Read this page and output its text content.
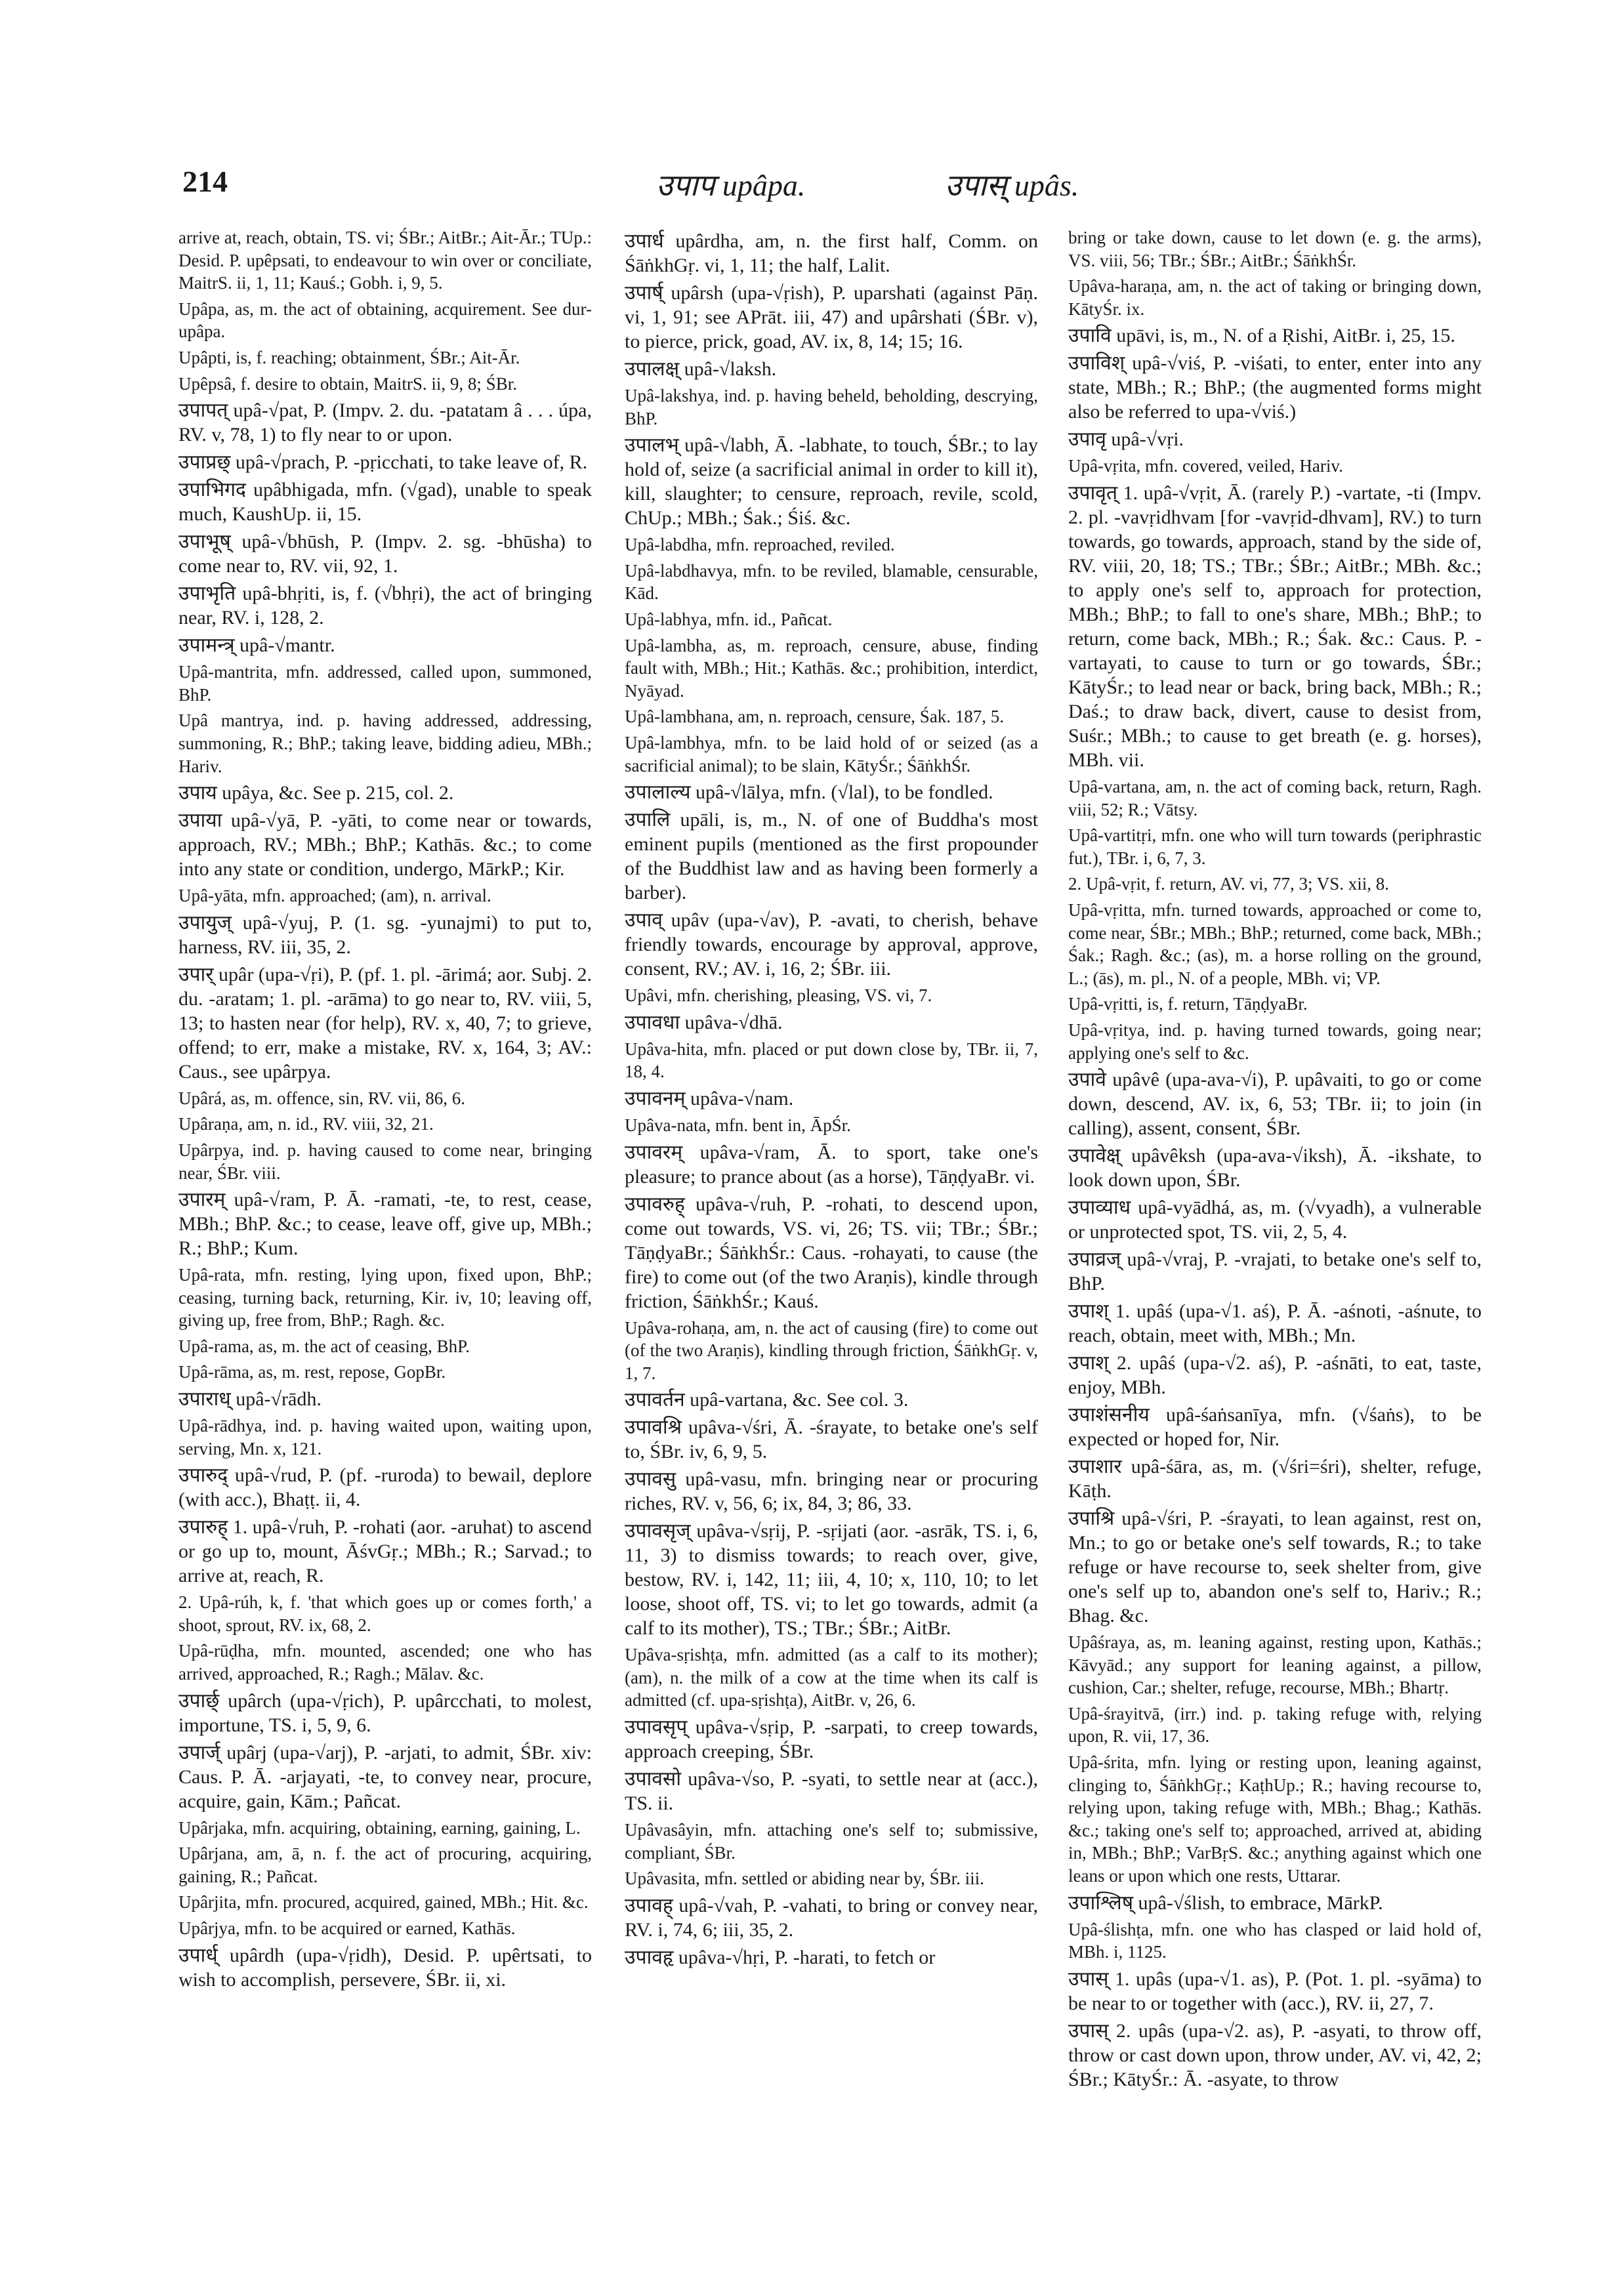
214	उपाप upâpa.	उपास् upâs.

arrive at, reach, obtain, TS. vi; ŚBr.; AitBr.; Ait-Ār.; TUp.: Desid. P. upêpsati, to endeavour to win over or conciliate, MaitrS. ii, 1, 11; Kauś.; Gobh. i, 9, 5.

Upâpa, as, m. the act of obtaining, acquirement. See dur-upâpa.

Upâpti, is, f. reaching; obtainment, ŚBr.; Ait-Ār.

Upêpsâ, f. desire to obtain, MaitrS. ii, 9, 8; ŚBr.

उपापत् upâ-√pat, P. (Impv. 2. du. -patatam â . . . úpa, RV. v, 78, 1) to fly near to or upon.

उपाप्रछ् upâ-√prach, P. -pṛicchati, to take leave of, R.

उपाभिगद upâbhigada, mfn. (√gad), unable to speak much, KaushUp. ii, 15.

उपाभूष् upâ-√bhūsh, P. (Impv. 2. sg. -bhūsha) to come near to, RV. vii, 92, 1.

उपाभृति upâ-bhṛiti, is, f. (√bhṛi), the act of bringing near, RV. i, 128, 2.

उपामन्त्र् upâ-√mantr.

Upâ-mantrita, mfn. addressed, called upon, summoned, BhP.

Upâ mantrya, ind. p. having addressed, addressing, summoning, R.; BhP.; taking leave, bidding adieu, MBh.; Hariv.

उपाय upâya, &c. See p. 215, col. 2.

उपाया upâ-√yā, P. -yāti, to come near or towards, approach, RV.; MBh.; BhP.; Kathās. &c.; to come into any state or condition, undergo, MārkP.; Kir.

Upâ-yāta, mfn. approached; (am), n. arrival.

उपायुज् upâ-√yuj, P. (1. sg. -yunajmi) to put to, harness, RV. iii, 35, 2.

उपार् upâr (upa-√ṛi), P. (pf. 1. pl. -ārimá; aor. Subj. 2. du. -aratam; 1. pl. -arāma) to go near to, RV. viii, 5, 13; to hasten near (for help), RV. x, 40, 7; to grieve, offend; to err, make a mistake, RV. x, 164, 3; AV.: Caus., see upârpya.

Upârá, as, m. offence, sin, RV. vii, 86, 6.

Upâraṇa, am, n. id., RV. viii, 32, 21.

Upârpya, ind. p. having caused to come near, bringing near, ŚBr. viii.

उपारम् upâ-√ram, P. Ā. -ramati, -te, to rest, cease, MBh.; BhP. &c.; to cease, leave off, give up, MBh.; R.; BhP.; Kum.

Upâ-rata, mfn. resting, lying upon, fixed upon, BhP.; ceasing, turning back, returning, Kir. iv, 10; leaving off, giving up, free from, BhP.; Ragh. &c.

Upâ-rama, as, m. the act of ceasing, BhP.

Upâ-rāma, as, m. rest, repose, GopBr.

उपाराध् upâ-√rādh.

Upâ-rādhya, ind. p. having waited upon, waiting upon, serving, Mn. x, 121.

उपारुद् upâ-√rud, P. (pf. -ruroda) to bewail, deplore (with acc.), Bhaṭṭ. ii, 4.

उपारुह् 1. upâ-√ruh, P. -rohati (aor. -aruhat) to ascend or go up to, mount, ĀśvGṛ.; MBh.; R.; Sarvad.; to arrive at, reach, R.

2. Upâ-rúh, k, f. 'that which goes up or comes forth,' a shoot, sprout, RV. ix, 68, 2.

Upâ-rūḍha, mfn. mounted, ascended; one who has arrived, approached, R.; Ragh.; Mālav. &c.

उपार्छ् upârch (upa-√ṛich), P. upârcchati, to molest, importune, TS. i, 5, 9, 6.

उपार्ज् upârj (upa-√arj), P. -arjati, to admit, ŚBr. xiv: Caus. P. Ā. -arjayati, -te, to convey near, procure, acquire, gain, Kām.; Pañcat.

Upârjaka, mfn. acquiring, obtaining, earning, gaining, L.

Upârjana, am, ā, n. f. the act of procuring, acquiring, gaining, R.; Pañcat.

Upârjita, mfn. procured, acquired, gained, MBh.; Hit. &c.

Upârjya, mfn. to be acquired or earned, Kathās.

उपार्ध् upârdh (upa-√ṛidh), Desid. P. upêrtsati, to wish to accomplish, persevere, ŚBr. ii, xi.

उपार्ध upârdha, am, n. the first half, Comm. on ŚāṅkhGṛ. vi, 1, 11; the half, Lalit.

उपार्ष् upârsh (upa-√ṛish), P. uparshati (against Pāṇ. vi, 1, 91; see APrāt. iii, 47) and upârshati (ŚBr. v), to pierce, prick, goad, AV. ix, 8, 14; 15; 16.

उपालक्ष् upâ-√laksh.

Upâ-lakshya, ind. p. having beheld, beholding, descrying, BhP.

उपालभ् upâ-√labh, Ā. -labhate, to touch, ŚBr.; to lay hold of, seize (a sacrificial animal in order to kill it), kill, slaughter; to censure, reproach, revile, scold, ChUp.; MBh.; Śak.; Śiś. &c.

Upâ-labdha, mfn. reproached, reviled.

Upâ-labdhavya, mfn. to be reviled, blamable, censurable, Kād.

Upâ-labhya, mfn. id., Pañcat.

Upâ-lambha, as, m. reproach, censure, abuse, finding fault with, MBh.; Hit.; Kathās. &c.; prohibition, interdict, Nyāyad.

Upâ-lambhana, am, n. reproach, censure, Śak. 187, 5.

Upâ-lambhya, mfn. to be laid hold of or seized (as a sacrificial animal); to be slain, KātyŚr.; ŚāṅkhŚr.

उपालाल्य upâ-√lālya, mfn. (√lal), to be fondled.

उपालि upāli, is, m., N. of one of Buddha's most eminent pupils (mentioned as the first propounder of the Buddhist law and as having been formerly a barber).

उपाव् upâv (upa-√av), P. -avati, to cherish, behave friendly towards, encourage by approval, approve, consent, RV.; AV. i, 16, 2; ŚBr. iii.

Upâvi, mfn. cherishing, pleasing, VS. vi, 7.

उपावधा upâva-√dhā.

Upâva-hita, mfn. placed or put down close by, TBr. ii, 7, 18, 4.

उपावनम् upâva-√nam.

Upâva-nata, mfn. bent in, ĀpŚr.

उपावरम् upâva-√ram, Ā. to sport, take one's pleasure; to prance about (as a horse), TāṇḍyaBr. vi.

उपावरुह् upâva-√ruh, P. -rohati, to descend upon, come out towards, VS. vi, 26; TS. vii; TBr.; ŚBr.; TāṇḍyaBr.; ŚāṅkhŚr.: Caus. -rohayati, to cause (the fire) to come out (of the two Araṇis), kindle through friction, ŚāṅkhŚr.; Kauś.

Upâva-rohaṇa, am, n. the act of causing (fire) to come out (of the two Araṇis), kindling through friction, ŚāṅkhGṛ. v, 1, 7.

उपावर्तन upâ-vartana, &c. See col. 3.

उपावश्रि upâva-√śri, Ā. -śrayate, to betake one's self to, ŚBr. iv, 6, 9, 5.

उपावसु upâ-vasu, mfn. bringing near or procuring riches, RV. v, 56, 6; ix, 84, 3; 86, 33.

उपावसृज् upâva-√sṛij, P. -sṛijati (aor. -asrāk, TS. i, 6, 11, 3) to dismiss towards; to reach over, give, bestow, RV. i, 142, 11; iii, 4, 10; x, 110, 10; to let loose, shoot off, TS. vi; to let go towards, admit (a calf to its mother), TS.; TBr.; ŚBr.; AitBr.

Upâva-sṛishṭa, mfn. admitted (as a calf to its mother); (am), n. the milk of a cow at the time when its calf is admitted (cf. upa-sṛishṭa), AitBr. v, 26, 6.

उपावसृप् upâva-√sṛip, P. -sarpati, to creep towards, approach creeping, ŚBr.

उपावसो upâva-√so, P. -syati, to settle near at (acc.), TS. ii.

Upâvasâyin, mfn. attaching one's self to; submissive, compliant, ŚBr.

Upâvasita, mfn. settled or abiding near by, ŚBr. iii.

उपावह् upâ-√vah, P. -vahati, to bring or convey near, RV. i, 74, 6; iii, 35, 2.

उपावहृ upâva-√hṛi, P. -harati, to fetch or

bring or take down, cause to let down (e. g. the arms), VS. viii, 56; TBr.; ŚBr.; AitBr.; ŚāṅkhŚr.

Upâva-haraṇa, am, n. the act of taking or bringing down, KātyŚr. ix.

उपावि upāvi, is, m., N. of a Ṛishi, AitBr. i, 25, 15.

उपाविश् upâ-√viś, P. -viśati, to enter, enter into any state, MBh.; R.; BhP.; (the augmented forms might also be referred to upa-√viś.)

उपावृ upâ-√vṛi.

Upâ-vṛita, mfn. covered, veiled, Hariv.

उपावृत् 1. upâ-√vṛit, Ā. (rarely P.) -vartate, -ti (Impv. 2. pl. -vavṛidhvam [for -vavṛid-dhvam], RV.) to turn towards, go towards, approach, stand by the side of, RV. viii, 20, 18; TS.; TBr.; ŚBr.; AitBr.; MBh. &c.; to apply one's self to, approach for protection, MBh.; BhP.; to fall to one's share, MBh.; BhP.; to return, come back, MBh.; R.; Śak. &c.: Caus. P. -vartayati, to cause to turn or go towards, ŚBr.; KātyŚr.; to lead near or back, bring back, MBh.; R.; Daś.; to draw back, divert, cause to desist from, Suśr.; MBh.; to cause to get breath (e. g. horses), MBh. vii.

Upâ-vartana, am, n. the act of coming back, return, Ragh. viii, 52; R.; Vātsy.

Upâ-vartitṛi, mfn. one who will turn towards (periphrastic fut.), TBr. i, 6, 7, 3.

2. Upâ-vṛit, f. return, AV. vi, 77, 3; VS. xii, 8.

Upâ-vṛitta, mfn. turned towards, approached or come to, come near, ŚBr.; MBh.; BhP.; returned, come back, MBh.; Śak.; Ragh. &c.; (as), m. a horse rolling on the ground, L.; (ās), m. pl., N. of a people, MBh. vi; VP.

Upâ-vṛitti, is, f. return, TāṇḍyaBr.

Upâ-vṛitya, ind. p. having turned towards, going near; applying one's self to &c.

उपावे upâvê (upa-ava-√i), P. upâvaiti, to go or come down, descend, AV. ix, 6, 53; TBr. ii; to join (in calling), assent, consent, ŚBr.

उपावेक्ष् upâvêksh (upa-ava-√iksh), Ā. -ikshate, to look down upon, ŚBr.

उपाव्याध upâ-vyādhá, as, m. (√vyadh), a vulnerable or unprotected spot, TS. vii, 2, 5, 4.

उपाव्रज् upâ-√vraj, P. -vrajati, to betake one's self to, BhP.

उपाश् 1. upâś (upa-√1. aś), P. Ā. -aśnoti, -aśnute, to reach, obtain, meet with, MBh.; Mn.

उपाश् 2. upâś (upa-√2. aś), P. -aśnāti, to eat, taste, enjoy, MBh.

उपाशंसनीय upâ-śaṅsanīya, mfn. (√śaṅs), to be expected or hoped for, Nir.

उपाशार upâ-śāra, as, m. (√śri=śri), shelter, refuge, Kāṭh.

उपाश्रि upâ-√śri, P. -śrayati, to lean against, rest on, Mn.; to go or betake one's self towards, R.; to take refuge or have recourse to, seek shelter from, give one's self up to, abandon one's self to, Hariv.; R.; Bhag. &c.

Upâśraya, as, m. leaning against, resting upon, Kathās.; Kāvyād.; any support for leaning against, a pillow, cushion, Car.; shelter, refuge, recourse, MBh.; Bhartṛ.

Upâ-śrayitvā, (irr.) ind. p. taking refuge with, relying upon, R. vii, 17, 36.

Upâ-śrita, mfn. lying or resting upon, leaning against, clinging to, ŚāṅkhGṛ.; KaṭhUp.; R.; having recourse to, relying upon, taking refuge with, MBh.; Bhag.; Kathās. &c.; taking one's self to; approached, arrived at, abiding in, MBh.; BhP.; VarBṛS. &c.; anything against which one leans or upon which one rests, Uttarar.

उपाश्लिष् upâ-√ślish, to embrace, MārkP.

Upâ-ślishṭa, mfn. one who has clasped or laid hold of, MBh. i, 1125.

उपास् 1. upâs (upa-√1. as), P. (Pot. 1. pl. -syāma) to be near to or together with (acc.), RV. ii, 27, 7.

उपास् 2. upâs (upa-√2. as), P. -asyati, to throw off, throw or cast down upon, throw under, AV. vi, 42, 2; ŚBr.; KātyŚr.: Ā. -asyate, to throw
